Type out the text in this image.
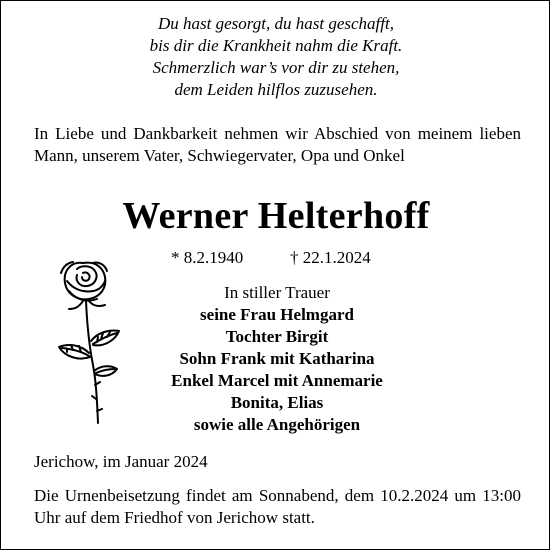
Du hast gesorgt, du hast geschafft,
bis dir die Krankheit nahm die Kraft.
Schmerzlich war’s vor dir zu stehen,
dem Leiden hilflos zuzusehen.
In Liebe und Dankbarkeit nehmen wir Abschied von meinem lieben Mann, unserem Vater, Schwiegervater, Opa und Onkel
Werner Helterhoff
* 8.2.1940	† 22.1.2024
In stiller Trauer
seine Frau Helmgard
Tochter Birgit
Sohn Frank mit Katharina
Enkel Marcel mit Annemarie
Bonita, Elias
sowie alle Angehörigen
Jerichow, im Januar 2024
Die Urnenbeisetzung findet am Sonnabend, dem 10.2.2024 um 13:00 Uhr auf dem Friedhof von Jerichow statt.
